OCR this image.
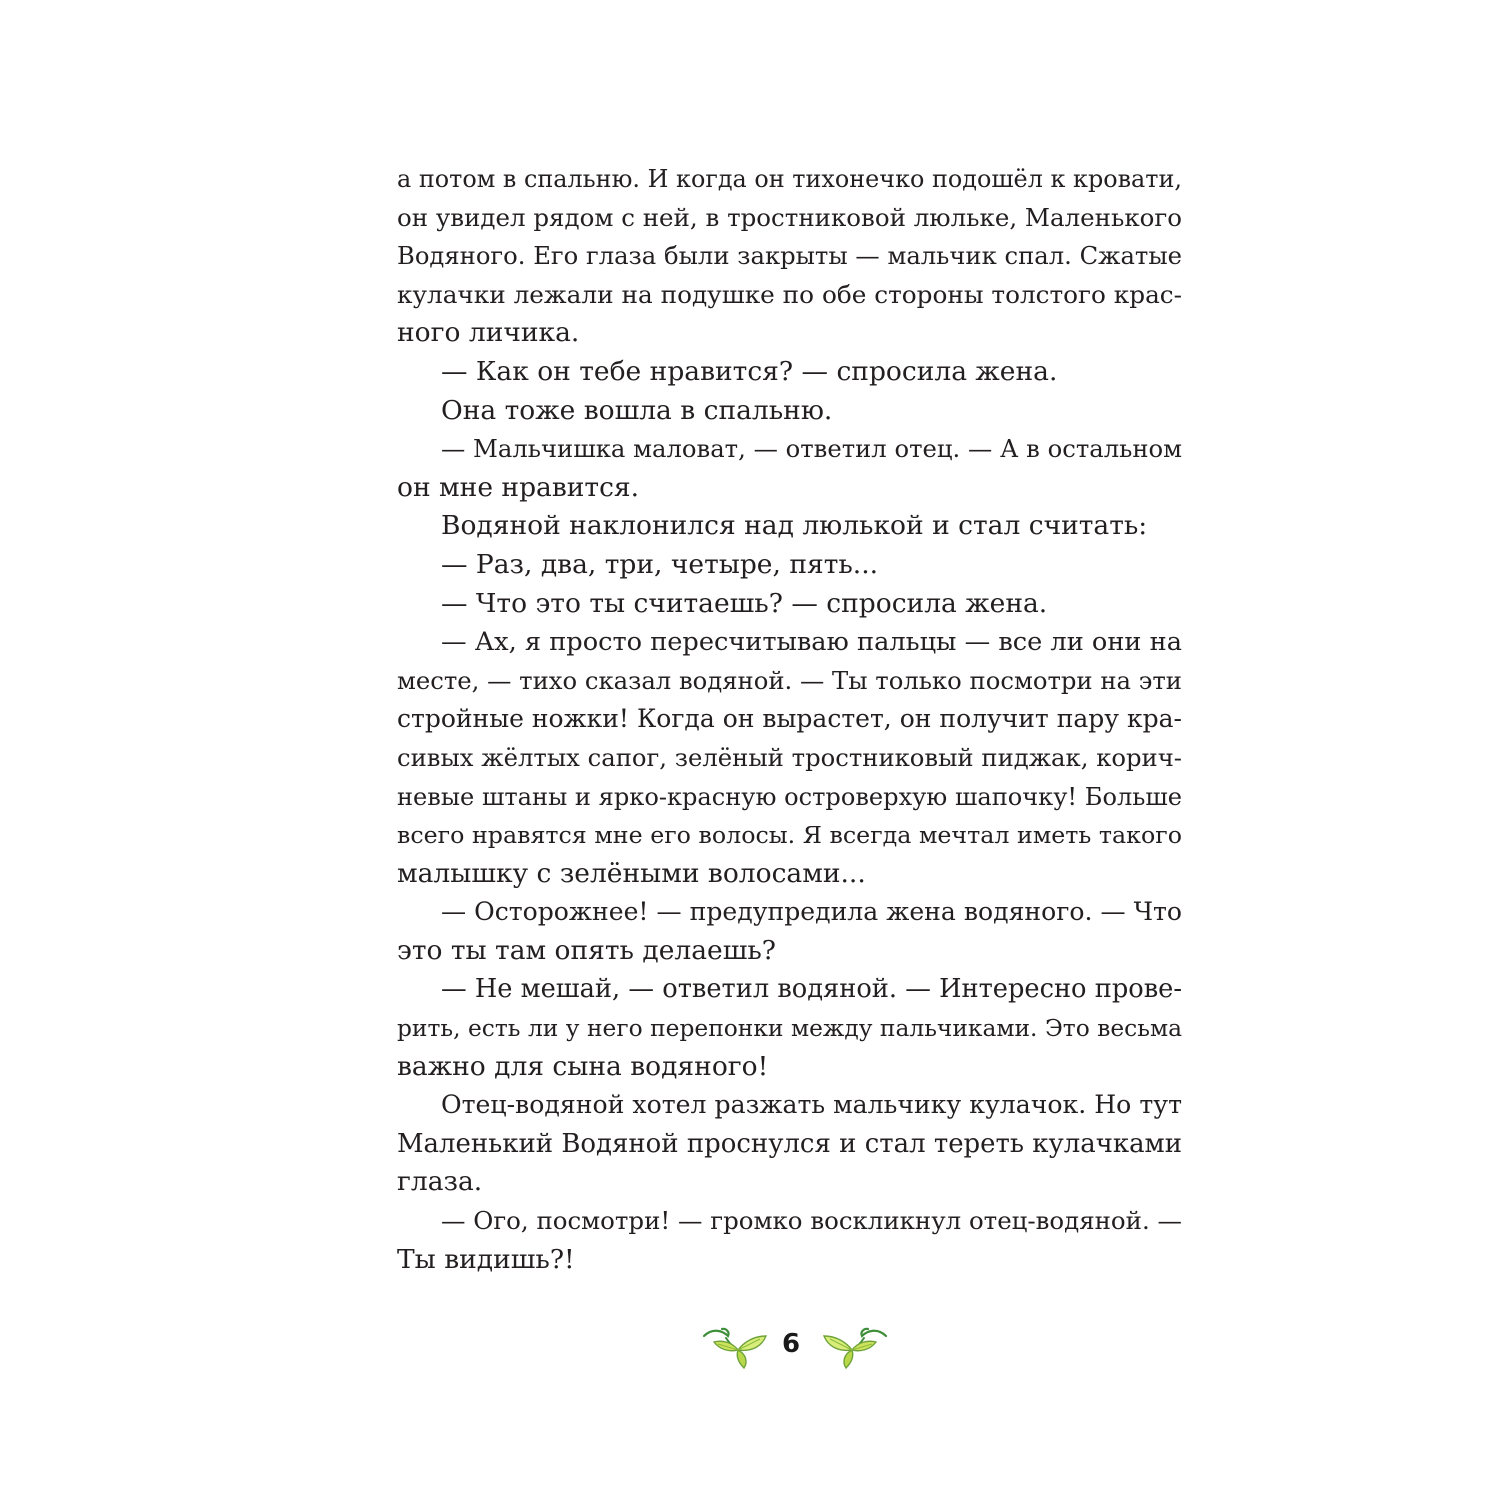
а потом в спальню. И когда он тихонечко подошёл к кровати,
он увидел рядом с ней, в тростниковой люльке, Маленького
Водяного. Его глаза были закрыты — мальчик спал. Сжатые
кулачки лежали на подушке по обе стороны толстого крас-
ного личика.
— Как он тебе нравится? — спросила жена.
Она тоже вошла в спальню.
— Мальчишка маловат, — ответил отец. — А в остальном
он мне нравится.
Водяной наклонился над люлькой и стал считать:
— Раз, два, три, четыре, пять...
— Что это ты считаешь? — спросила жена.
— Ах, я просто пересчитываю пальцы — все ли они на
месте, — тихо сказал водяной. — Ты только посмотри на эти
стройные ножки! Когда он вырастет, он получит пару кра-
сивых жёлтых сапог, зелёный тростниковый пиджак, корич-
невые штаны и ярко-красную островерхую шапочку! Больше
всего нравятся мне его волосы. Я всегда мечтал иметь такого
малышку с зелёными волосами...
— Осторожнее! — предупредила жена водяного. — Что
это ты там опять делаешь?
— Не мешай, — ответил водяной. — Интересно прове-
рить, есть ли у него перепонки между пальчиками. Это весьма
важно для сына водяного!
Отец-водяной хотел разжать мальчику кулачок. Но тут
Маленький Водяной проснулся и стал тереть кулачками
глаза.
— Ого, посмотри! — громко воскликнул отец-водяной. —
Ты видишь?!
6
